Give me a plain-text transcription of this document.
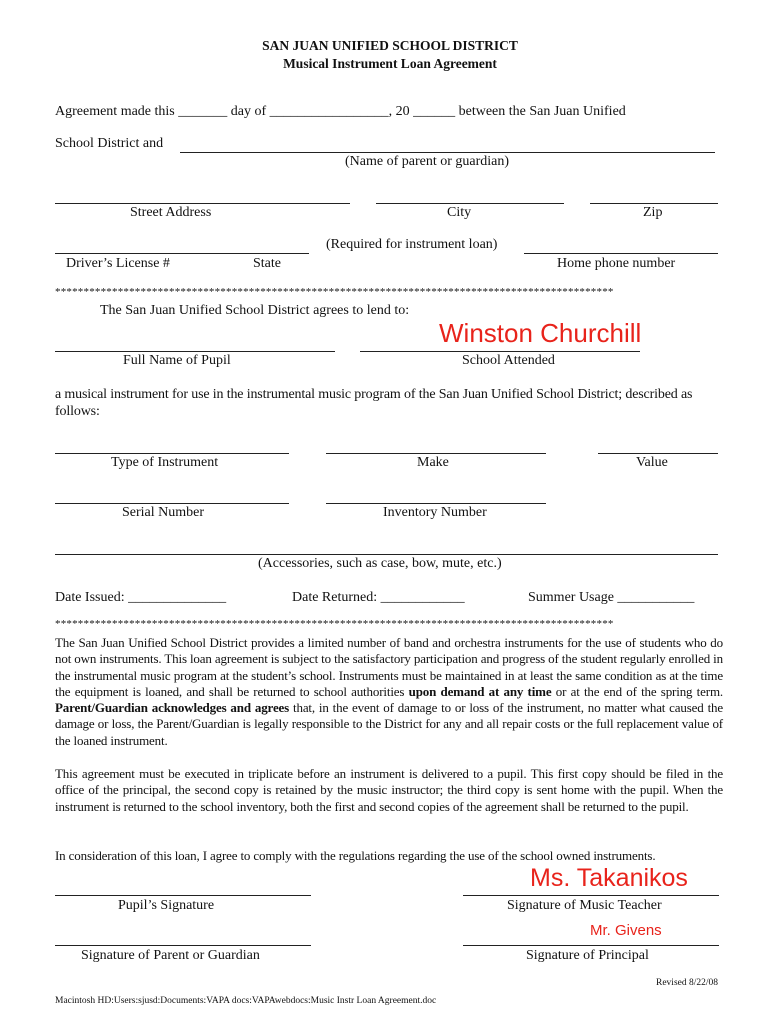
SAN JUAN UNIFIED SCHOOL DISTRICT
Musical Instrument Loan Agreement
Agreement made this _______ day of _________________, 20 ______ between the San Juan Unified
School District and
(Name of parent or guardian)
Street Address	City	Zip
(Required for instrument loan)
Driver’s License #	State	Home phone number
**************************************************************************************************
The San Juan Unified School District agrees to lend to:
Winston Churchill
Full Name of Pupil	School Attended
a musical instrument for use in the instrumental music program of the San Juan Unified School District; described as follows:
Type of Instrument	Make	Value
Serial Number	Inventory Number
(Accessories, such as case, bow, mute, etc.)
Date Issued: ______________	Date Returned: ____________	Summer Usage ___________
**************************************************************************************************
The San Juan Unified School District provides a limited number of band and orchestra instruments for the use of students who do not own instruments. This loan agreement is subject to the satisfactory participation and progress of the student regularly enrolled in the instrumental music program at the student’s school. Instruments must be maintained in at least the same condition as at the time the equipment is loaned, and shall be returned to school authorities upon demand at any time or at the end of the spring term. Parent/Guardian acknowledges and agrees that, in the event of damage to or loss of the instrument, no matter what caused the damage or loss, the Parent/Guardian is legally responsible to the District for any and all repair costs or the full replacement value of the loaned instrument.
This agreement must be executed in triplicate before an instrument is delivered to a pupil. This first copy should be filed in the office of the principal, the second copy is retained by the music instructor; the third copy is sent home with the pupil. When the instrument is returned to the school inventory, both the first and second copies of the agreement shall be returned to the pupil.
In consideration of this loan, I agree to comply with the regulations regarding the use of the school owned instruments.
Ms. Takanikos
Pupil’s Signature	Signature of Music Teacher
Mr. Givens
Signature of Parent or Guardian	Signature of Principal
Revised 8/22/08
Macintosh HD:Users:sjusd:Documents:VAPA docs:VAPAwebdocs:Music Instr Loan Agreement.doc
